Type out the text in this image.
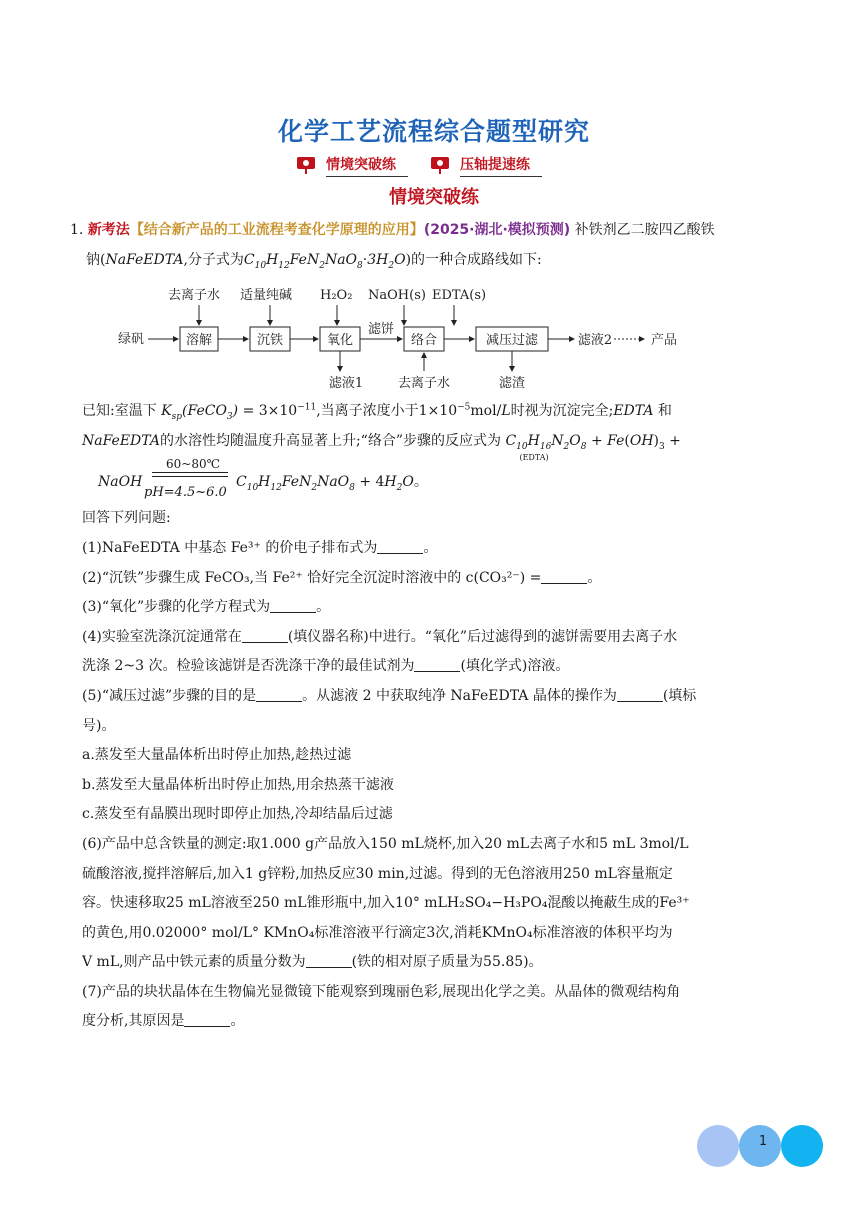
化学工艺流程综合题型研究
情境突破练	压轴提速练
情境突破练

1. 新考法【结合新产品的工业流程考查化学原理的应用】(2025·湖北·模拟预测) 补铁剂乙二胺四乙酸铁

钠(NaFeEDTA,分子式为$C_{10}H_{12}FeN_2NaO_8\cdot 3H_2O$)的一种合成路线如下:

去离子水 适量纯碱 H₂O₂ NaOH(s) EDTA(s)
绿矾	溶解	沉铁	氧化	络合	减压过滤
滤饼
滤液2	产品
滤液1	去离子水	滤渣

已知:室温下 $K_{sp}(FeCO_3) = 3\times 10^{-11}$,当离子浓度小于$1\times 10^{-5}mol/L$时视为沉淀完全;EDTA 和

NaFeEDTA的水溶性均随温度升高显著上升;“络合”步骤的反应式为 $C_{10}H_{16}N_2O_8$
(EDTA)
+ $Fe(OH)_3$ +

NaOH
60~80℃
pH=4.5~6.0
$C_{10}H_{12}FeN_2NaO_8 + 4H_2O$。

回答下列问题:

(1)NaFeEDTA 中基态 Fe³⁺ 的价电子排布式为	。

(2)“沉铁”步骤生成 FeCO₃,当 Fe²⁺ 恰好完全沉淀时溶液中的 c(CO₃²⁻) =	。

(3)“氧化”步骤的化学方程式为	。

(4)实验室洗涤沉淀通常在	(填仪器名称)中进行。“氧化”后过滤得到的滤饼需要用去离子水

洗涤 2~3 次。检验该滤饼是否洗涤干净的最佳试剂为	(填化学式)溶液。

(5)“减压过滤”步骤的目的是	。从滤液 2 中获取纯净 NaFeEDTA 晶体的操作为	(填标

号)。

a.蒸发至大量晶体析出时停止加热,趁热过滤

b.蒸发至大量晶体析出时停止加热,用余热蒸干滤液

c.蒸发至有晶膜出现时即停止加热,冷却结晶后过滤

(6)产品中总含铁量的测定:取1.000 g产品放入150 mL烧杯,加入20 mL去离子水和5 mL 3mol/L

硫酸溶液,搅拌溶解后,加入1 g锌粉,加热反应30 min,过滤。得到的无色溶液用250 mL容量瓶定

容。快速移取25 mL溶液至250 mL锥形瓶中,加入10° mLH₂SO₄−H₃PO₄混酸以掩蔽生成的Fe³⁺

的黄色,用0.02000° mol/L° KMnO₄标准溶液平行滴定3次,消耗KMnO₄标准溶液的体积平均为

V mL,则产品中铁元素的质量分数为	(铁的相对原子质量为55.85)。

(7)产品的块状晶体在生物偏光显微镜下能观察到瑰丽色彩,展现出化学之美。从晶体的微观结构角

度分析,其原因是	。

1
